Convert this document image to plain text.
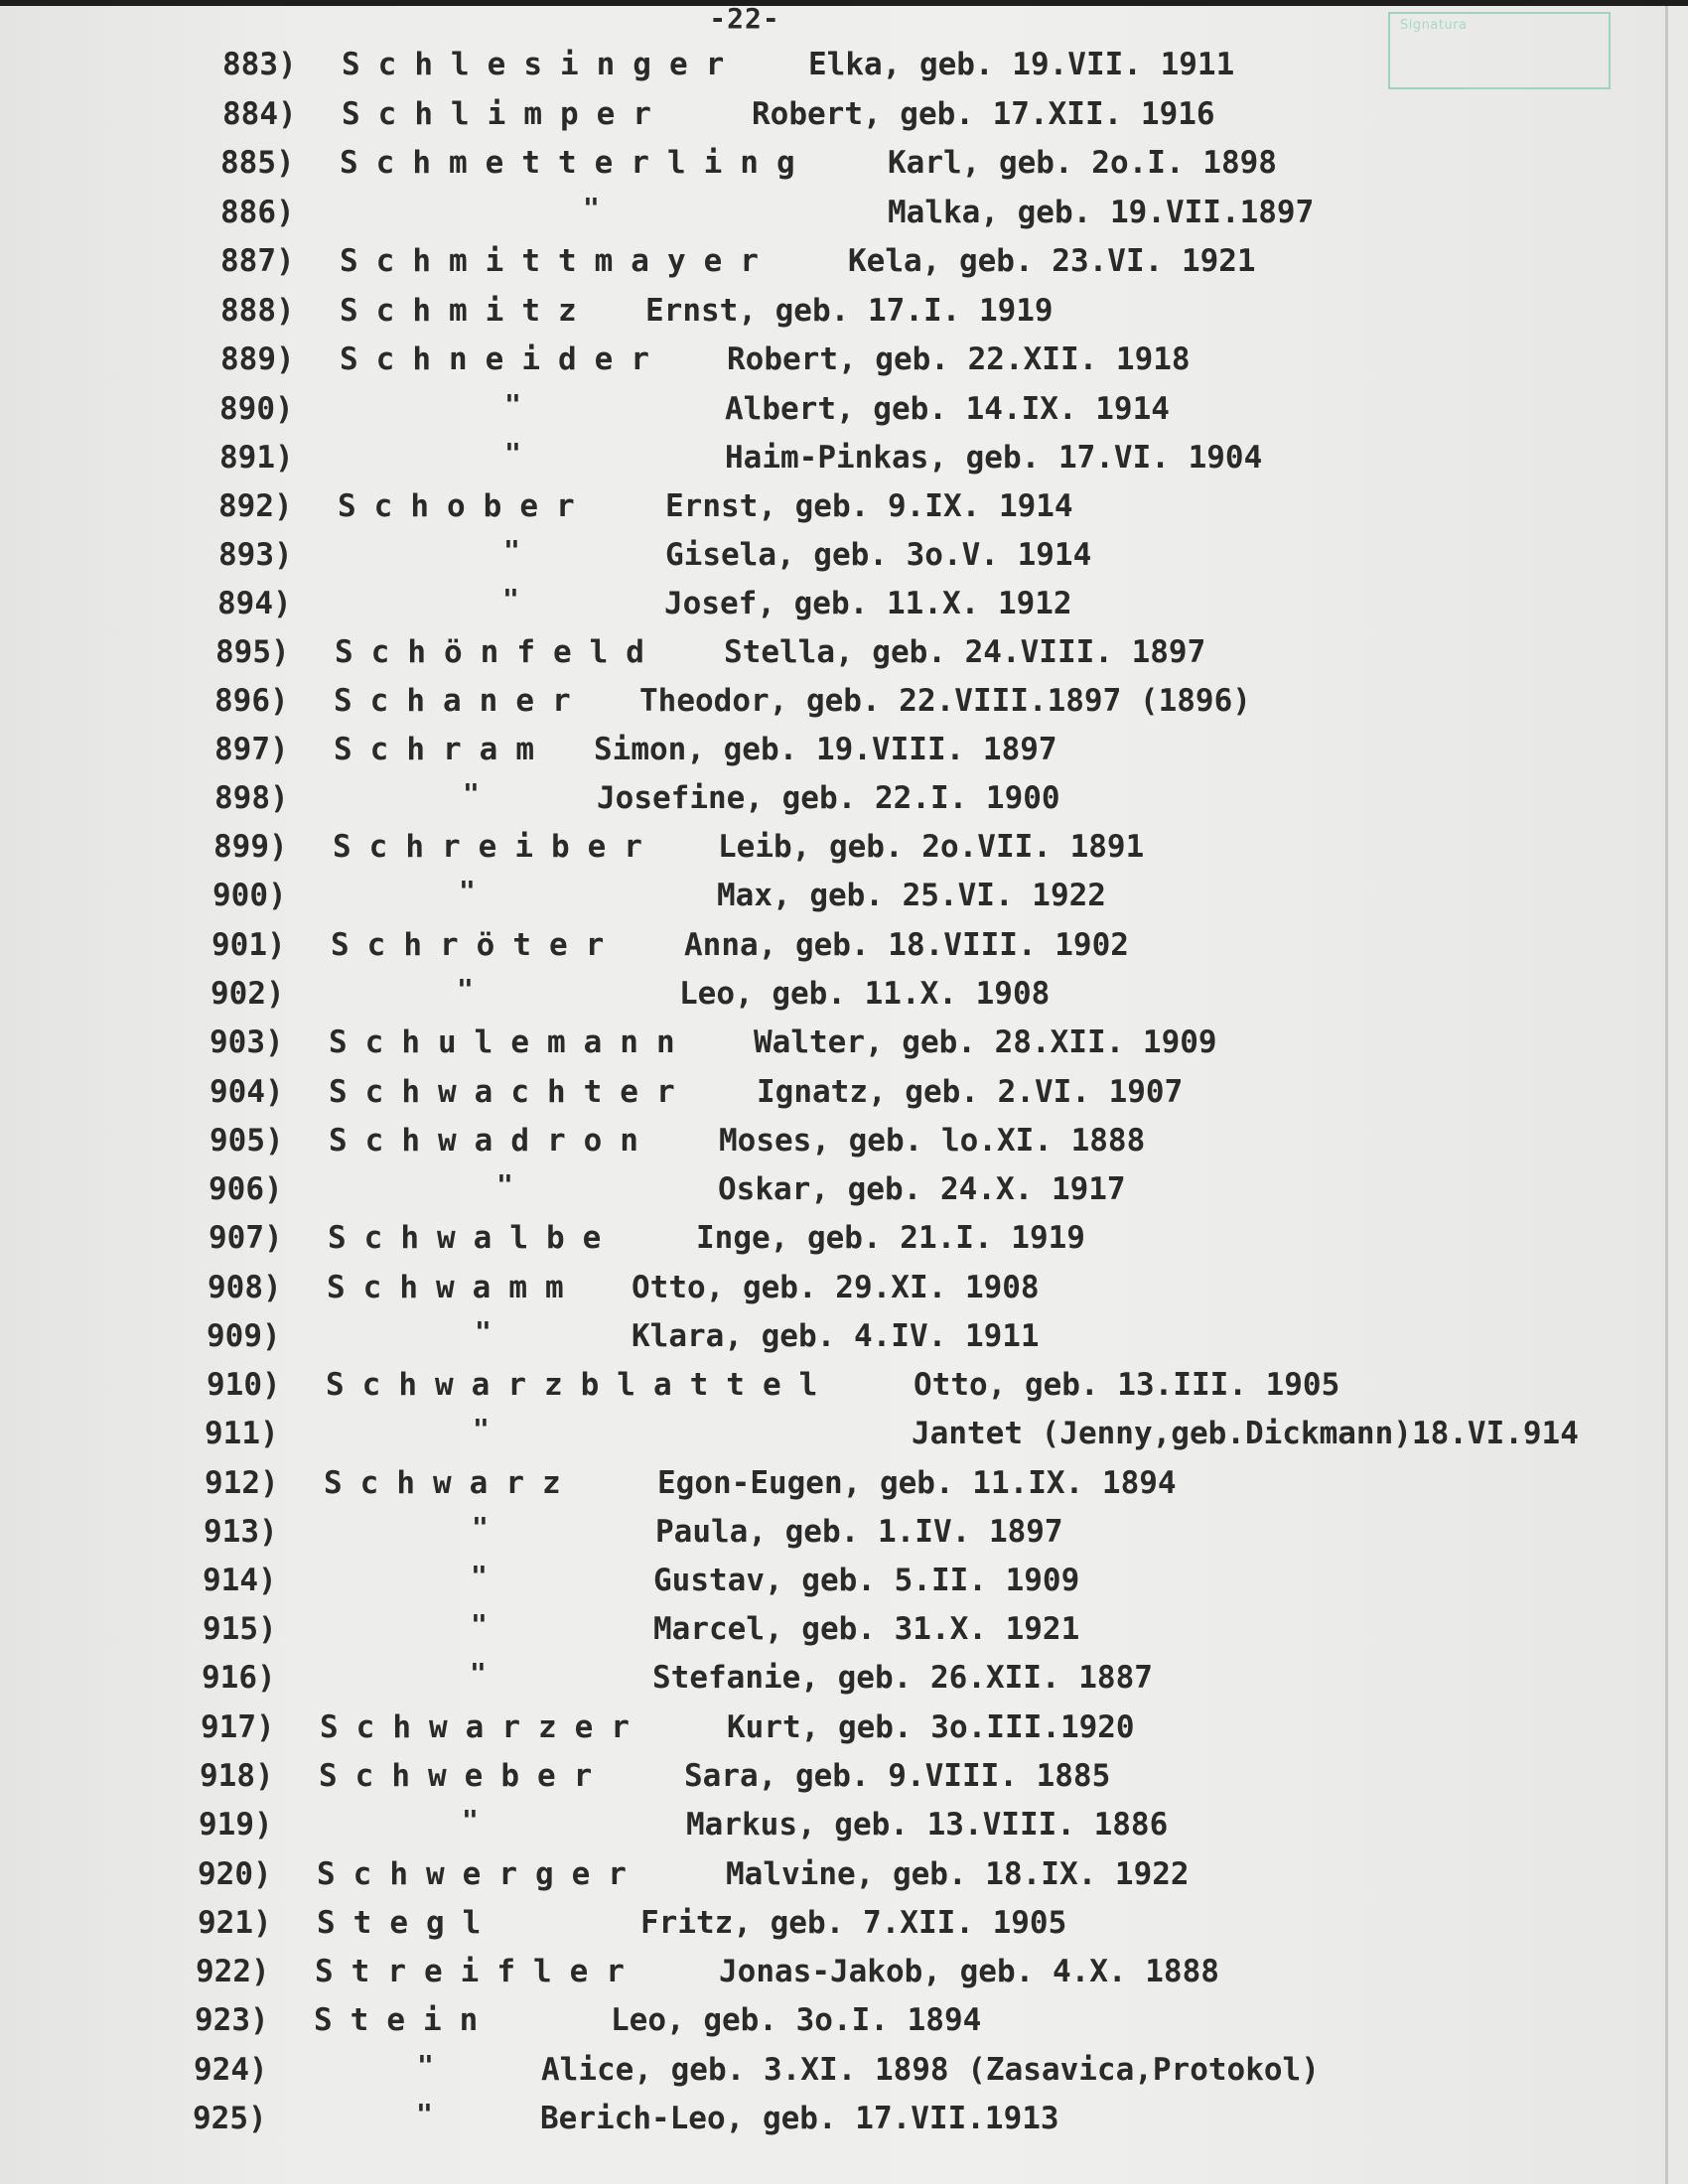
-22-	Signatura
883)	Schlesinger Elka, geb. 19.VII. 1911
884)	Schlimper	Robert, geb. 17.XII. 1916
885)	Schmetterling Karl, geb. 2o.I. 1898
886)	"	Malka, geb. 19.VII.1897
887)	Schmittmayer Kela, geb. 23.VI. 1921
888)	Schmitz Ernst, geb. 17.I. 1919
889)	Schneider Robert, geb. 22.XII. 1918
890)	"	Albert, geb. 14.IX. 1914
891)	"	Haim-Pinkas, geb. 17.VI. 1904
892)	Schober Ernst, geb. 9.IX. 1914
893)	"	Gisela, geb. 3o.V. 1914
894)	"	Josef, geb. 11.X. 1912
895)	Schönfeld Stella, geb. 24.VIII. 1897
896)	Schaner Theodor, geb. 22.VIII.1897 (1896)
897)	Schram Simon, geb. 19.VIII. 1897
898)	"	Josefine, geb. 22.I. 1900
899)	Schreiber Leib, geb. 2o.VII. 1891
900)	"	Max, geb. 25.VI. 1922
901)	Schröter Anna, geb. 18.VIII. 1902
902)	"	Leo, geb. 11.X. 1908
903)	Schulemann Walter, geb. 28.XII. 1909
904)	Schwachter Ignatz, geb. 2.VI. 1907
905)	Schwadron Moses, geb. lo.XI. 1888
906)	"	Oskar, geb. 24.X. 1917
907)	Schwalbe	Inge, geb. 21.I. 1919
908)	Schwamm Otto, geb. 29.XI. 1908
909)	"	Klara, geb. 4.IV. 1911
910)	Schwarzblattel	Otto, geb. 13.III. 1905
911)	"	Jantet (Jenny,geb.Dickmann)18.VI.914
912)	Schwarz	Egon-Eugen, geb. 11.IX. 1894
913)	"	Paula, geb. 1.IV. 1897
914)	"	Gustav, geb. 5.II. 1909
915)	"	Marcel, geb. 31.X. 1921
916)	"	Stefanie, geb. 26.XII. 1887
917)	Schwarzer	Kurt, geb. 3o.III.1920
918)	Schweber Sara, geb. 9.VIII. 1885
919)	"	Markus, geb. 13.VIII. 1886
920)	Schwerger	Malvine, geb. 18.IX. 1922
921)	Stegl	Fritz, geb. 7.XII. 1905
922)	Streifler Jonas-Jakob, geb. 4.X. 1888
923)	Stein	Leo, geb. 3o.I. 1894
924)	"	Alice, geb. 3.XI. 1898 (Zasavica,Protokol)
925)	"	Berich-Leo, geb. 17.VII.1913
